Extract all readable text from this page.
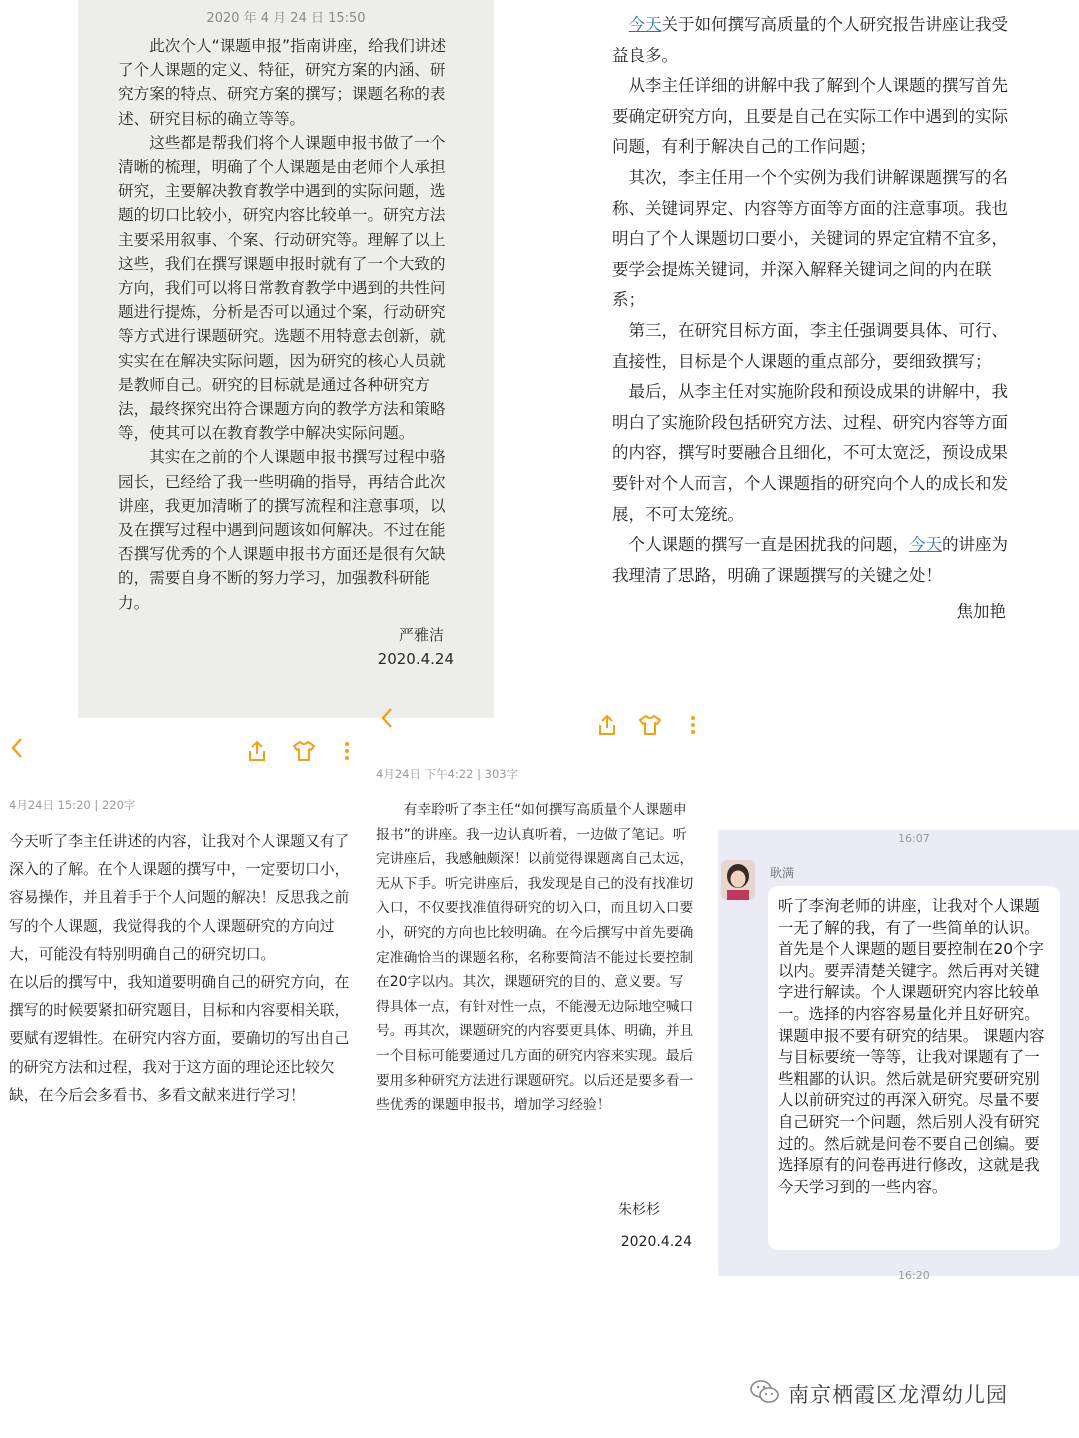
2020 年 4 月 24 日 15:50

此次个人“课题申报”指南讲座，给我们讲述了个人课题的定义、特征，研究方案的内涵、研究方案的特点、研究方案的撰写；课题名称的表述、研究目标的确立等等。

这些都是帮我们将个人课题申报书做了一个清晰的梳理，明确了个人课题是由老师个人承担研究，主要解决教育教学中遇到的实际问题，选题的切口比较小，研究内容比较单一。研究方法主要采用叙事、个案、行动研究等。理解了以上这些，我们在撰写课题申报时就有了一个大致的方向，我们可以将日常教育教学中遇到的共性问题进行提炼，分析是否可以通过个案，行动研究等方式进行课题研究。选题不用特意去创新，就实实在在解决实际问题，因为研究的核心人员就是教师自己。研究的目标就是通过各种研究方法，最终探究出符合课题方向的教学方法和策略等，使其可以在教育教学中解决实际问题。

其实在之前的个人课题申报书撰写过程中骆园长，已经给了我一些明确的指导，再结合此次讲座，我更加清晰了的撰写流程和注意事项，以及在撰写过程中遇到问题该如何解决。不过在能否撰写优秀的个人课题申报书方面还是很有欠缺的，需要自身不断的努力学习，加强教科研能力。

严雅洁

2020.4.24

今天关于如何撰写高质量的个人研究报告讲座让我受益良多。

从李主任详细的讲解中我了解到个人课题的撰写首先要确定研究方向，且要是自己在实际工作中遇到的实际问题，有利于解决自己的工作问题；

其次，李主任用一个个实例为我们讲解课题撰写的名称、关键词界定、内容等方面等方面的注意事项。我也明白了个人课题切口要小，关键词的界定宜精不宜多，要学会提炼关键词，并深入解释关键词之间的内在联系；

第三，在研究目标方面，李主任强调要具体、可行、直接性，目标是个人课题的重点部分，要细致撰写；

最后，从李主任对实施阶段和预设成果的讲解中，我明白了实施阶段包括研究方法、过程、研究内容等方面的内容，撰写时要融合且细化，不可太宽泛，预设成果要针对个人而言，个人课题指的研究向个人的成长和发展，不可太笼统。

个人课题的撰写一直是困扰我的问题，今天的讲座为我理清了思路，明确了课题撰写的关键之处！

焦加艳

4月24日 15:20 | 220字

今天听了李主任讲述的内容，让我对个人课题又有了深入的了解。在个人课题的撰写中，一定要切口小，容易操作，并且着手于个人问题的解决！反思我之前写的个人课题，我觉得我的个人课题研究的方向过大，可能没有特别明确自己的研究切口。

在以后的撰写中，我知道要明确自己的研究方向，在撰写的时候要紧扣研究题目，目标和内容要相关联，要赋有逻辑性。在研究内容方面，要确切的写出自己的研究方法和过程，我对于这方面的理论还比较欠缺，在今后会多看书、多看文献来进行学习！

4月24日 下午4:22 | 303字

有幸聆听了李主任“如何撰写高质量个人课题申报书”的讲座。我一边认真听着，一边做了笔记。听完讲座后，我感触颇深！以前觉得课题离自己太远，无从下手。听完讲座后，我发现是自己的没有找准切入口，不仅要找准值得研究的切入口，而且切入口要小，研究的方向也比较明确。在今后撰写中首先要确定准确恰当的课题名称，名称要简洁不能过长要控制在20字以内。其次，课题研究的目的、意义要。写得具体一点，有针对性一点，不能漫无边际地空喊口号。再其次，课题研究的内容要更具体、明确，并且一个目标可能要通过几方面的研究内容来实现。最后要用多种研究方法进行课题研究。以后还是要多看一些优秀的课题申报书，增加学习经验！

朱杉杉

2020.4.24

16:07
耿满
听了李洵老师的讲座，让我对个人课题一无了解的我，有了一些简单的认识。首先是个人课题的题目要控制在20个字以内。要弄清楚关键字。然后再对关键字进行解读。个人课题研究内容比较单一。选择的内容容易量化并且好研究。课题申报不要有研究的结果。 课题内容与目标要统一等等，让我对课题有了一些粗鄙的认识。然后就是研究要研究别人以前研究过的再深入研究。尽量不要自己研究一个问题，然后别人没有研究过的。然后就是问卷不要自己创编。要选择原有的问卷再进行修改，这就是我今天学习到的一些内容。
16:20
南京栖霞区龙潭幼儿园
